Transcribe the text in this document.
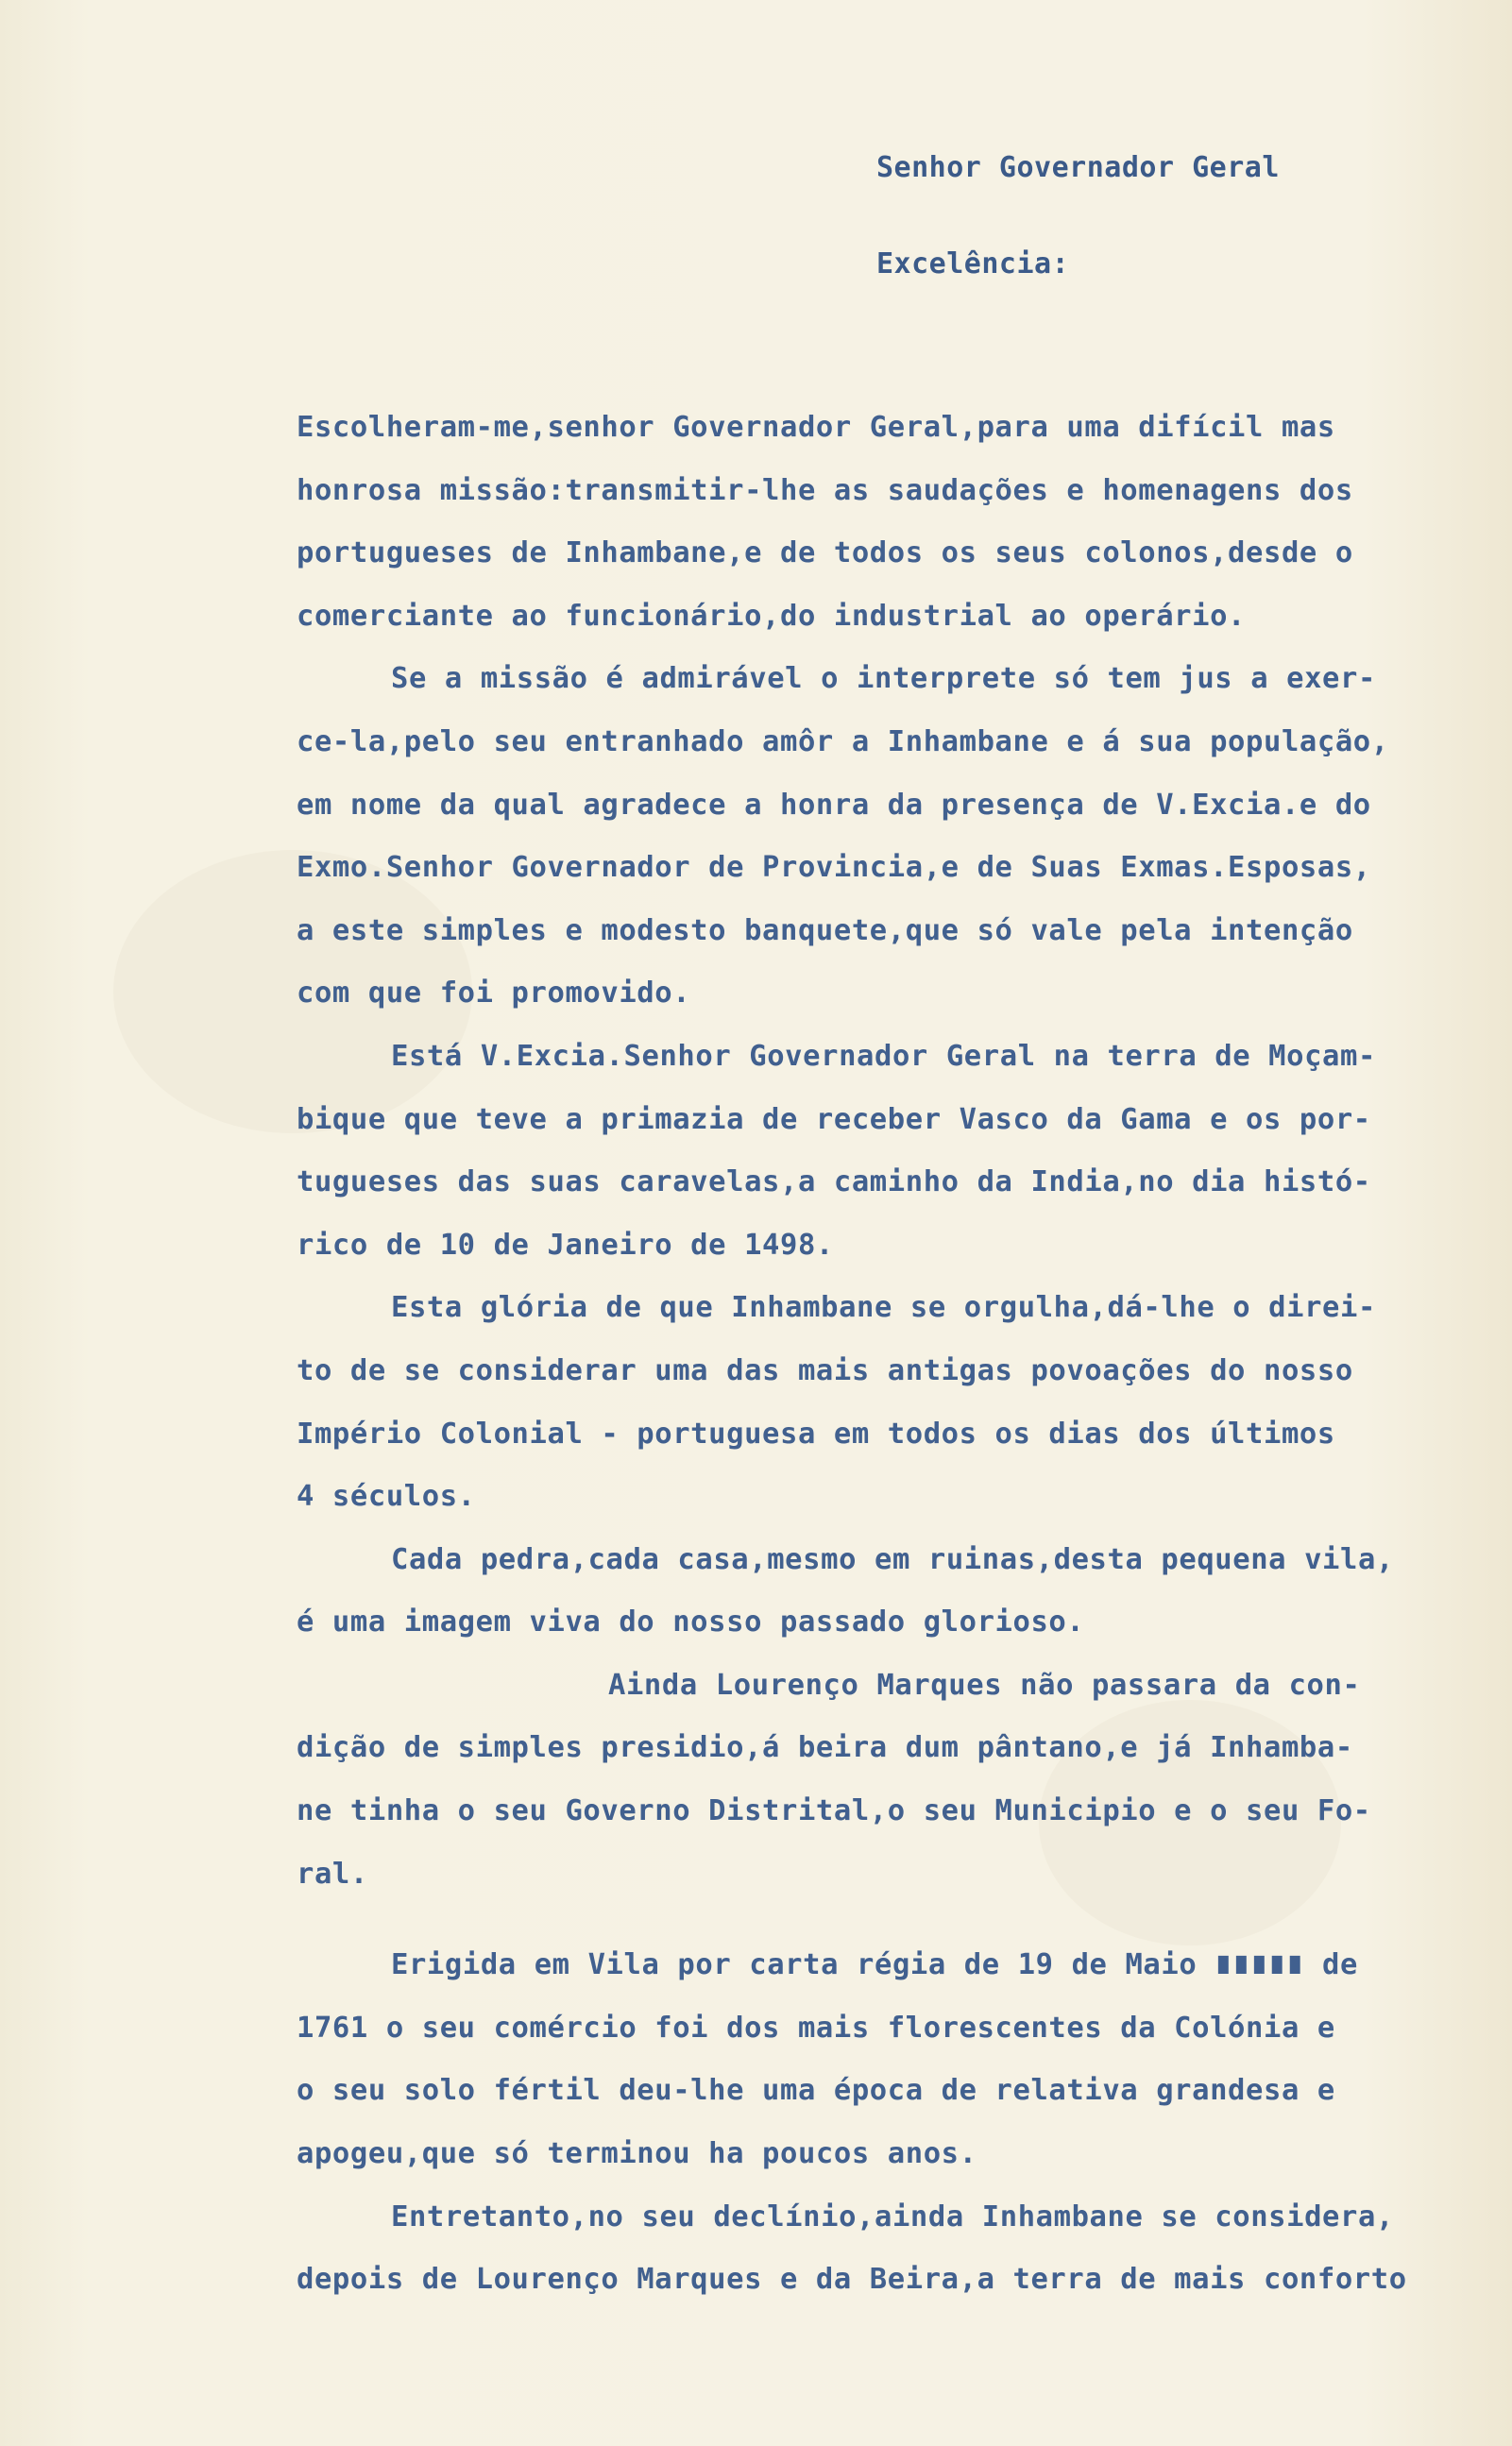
Senhor Governador Geral
Excelência:
Escolheram-me,senhor Governador Geral,para uma difícil mas
honrosa missão:transmitir-lhe as saudações e homenagens dos
portugueses de Inhambane,e de todos os seus colonos,desde o
comerciante ao funcionário,do industrial ao operário.
Se a missão é admirável o interprete só tem jus a exer-
ce-la,pelo seu entranhado amôr a Inhambane e á sua população,
em nome da qual agradece a honra da presença de V.Excia.e do
Exmo.Senhor Governador de Provincia,e de Suas Exmas.Esposas,
a este simples e modesto banquete,que só vale pela intenção
com que foi promovido.
Está V.Excia.Senhor Governador Geral na terra de Moçam-
bique que teve a primazia de receber Vasco da Gama e os por-
tugueses das suas caravelas,a caminho da India,no dia histó-
rico de 10 de Janeiro de 1498.
Esta glória de que Inhambane se orgulha,dá-lhe o direi-
to de se considerar uma das mais antigas povoações do nosso
Império Colonial - portuguesa em todos os dias dos últimos
4 séculos.
Cada pedra,cada casa,mesmo em ruinas,desta pequena vila,
é uma imagem viva do nosso passado glorioso.
Ainda Lourenço Marques não passara da con-
dição de simples presidio,á beira dum pântano,e já Inhamba-
ne tinha o seu Governo Distrital,o seu Municipio e o seu Fo-
ral.
Erigida em Vila por carta régia de 19 de Maio ∎∎∎∎∎ de
1761 o seu comércio foi dos mais florescentes da Colónia e
o seu solo fértil deu-lhe uma época de relativa grandesa e
apogeu,que só terminou ha poucos anos.
Entretanto,no seu declínio,ainda Inhambane se considera,
depois de Lourenço Marques e da Beira,a terra de mais conforto
